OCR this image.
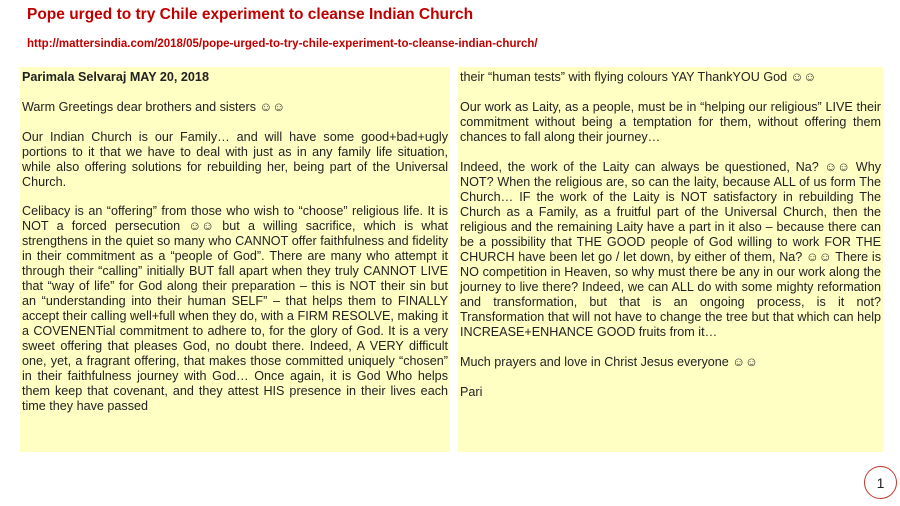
Pope urged to try Chile experiment to cleanse Indian Church
http://mattersindia.com/2018/05/pope-urged-to-try-chile-experiment-to-cleanse-indian-church/
Parimala Selvaraj MAY 20, 2018

Warm Greetings dear brothers and sisters ☺☺

Our Indian Church is our Family… and will have some good+bad+ugly portions to it that we have to deal with just as in any family life situation, while also offering solutions for rebuilding her, being part of the Universal Church.

Celibacy is an “offering” from those who wish to “choose” religious life. It is NOT a forced persecution ☺☺ but a willing sacrifice, which is what strengthens in the quiet so many who CANNOT offer faithfulness and fidelity in their commitment as a “people of God”. There are many who attempt it through their “calling” initially BUT fall apart when they truly CANNOT LIVE that “way of life” for God along their preparation – this is NOT their sin but an “understanding into their human SELF” – that helps them to FINALLY accept their calling well+full when they do, with a FIRM RESOLVE, making it a COVENENTial commitment to adhere to, for the glory of God. It is a very sweet offering that pleases God, no doubt there. Indeed, A VERY difficult one, yet, a fragrant offering, that makes those committed uniquely “chosen” in their faithfulness journey with God… Once again, it is God Who helps them keep that covenant, and they attest HIS presence in their lives each time they have passed

their “human tests” with flying colours YAY ThankYOU God ☺☺

Our work as Laity, as a people, must be in “helping our religious” LIVE their commitment without being a temptation for them, without offering them chances to fall along their journey…

Indeed, the work of the Laity can always be questioned, Na? ☺☺ Why NOT? When the religious are, so can the laity, because ALL of us form The Church… IF the work of the Laity is NOT satisfactory in rebuilding The Church as a Family, as a fruitful part of the Universal Church, then the religious and the remaining Laity have a part in it also – because there can be a possibility that THE GOOD people of God willing to work FOR THE CHURCH have been let go / let down, by either of them, Na? ☺☺ There is NO competition in Heaven, so why must there be any in our work along the journey to live there? Indeed, we can ALL do with some mighty reformation and transformation, but that is an ongoing process, is it not? Transformation that will not have to change the tree but that which can help INCREASE+ENHANCE GOOD fruits from it…

Much prayers and love in Christ Jesus everyone ☺☺

Pari

1
